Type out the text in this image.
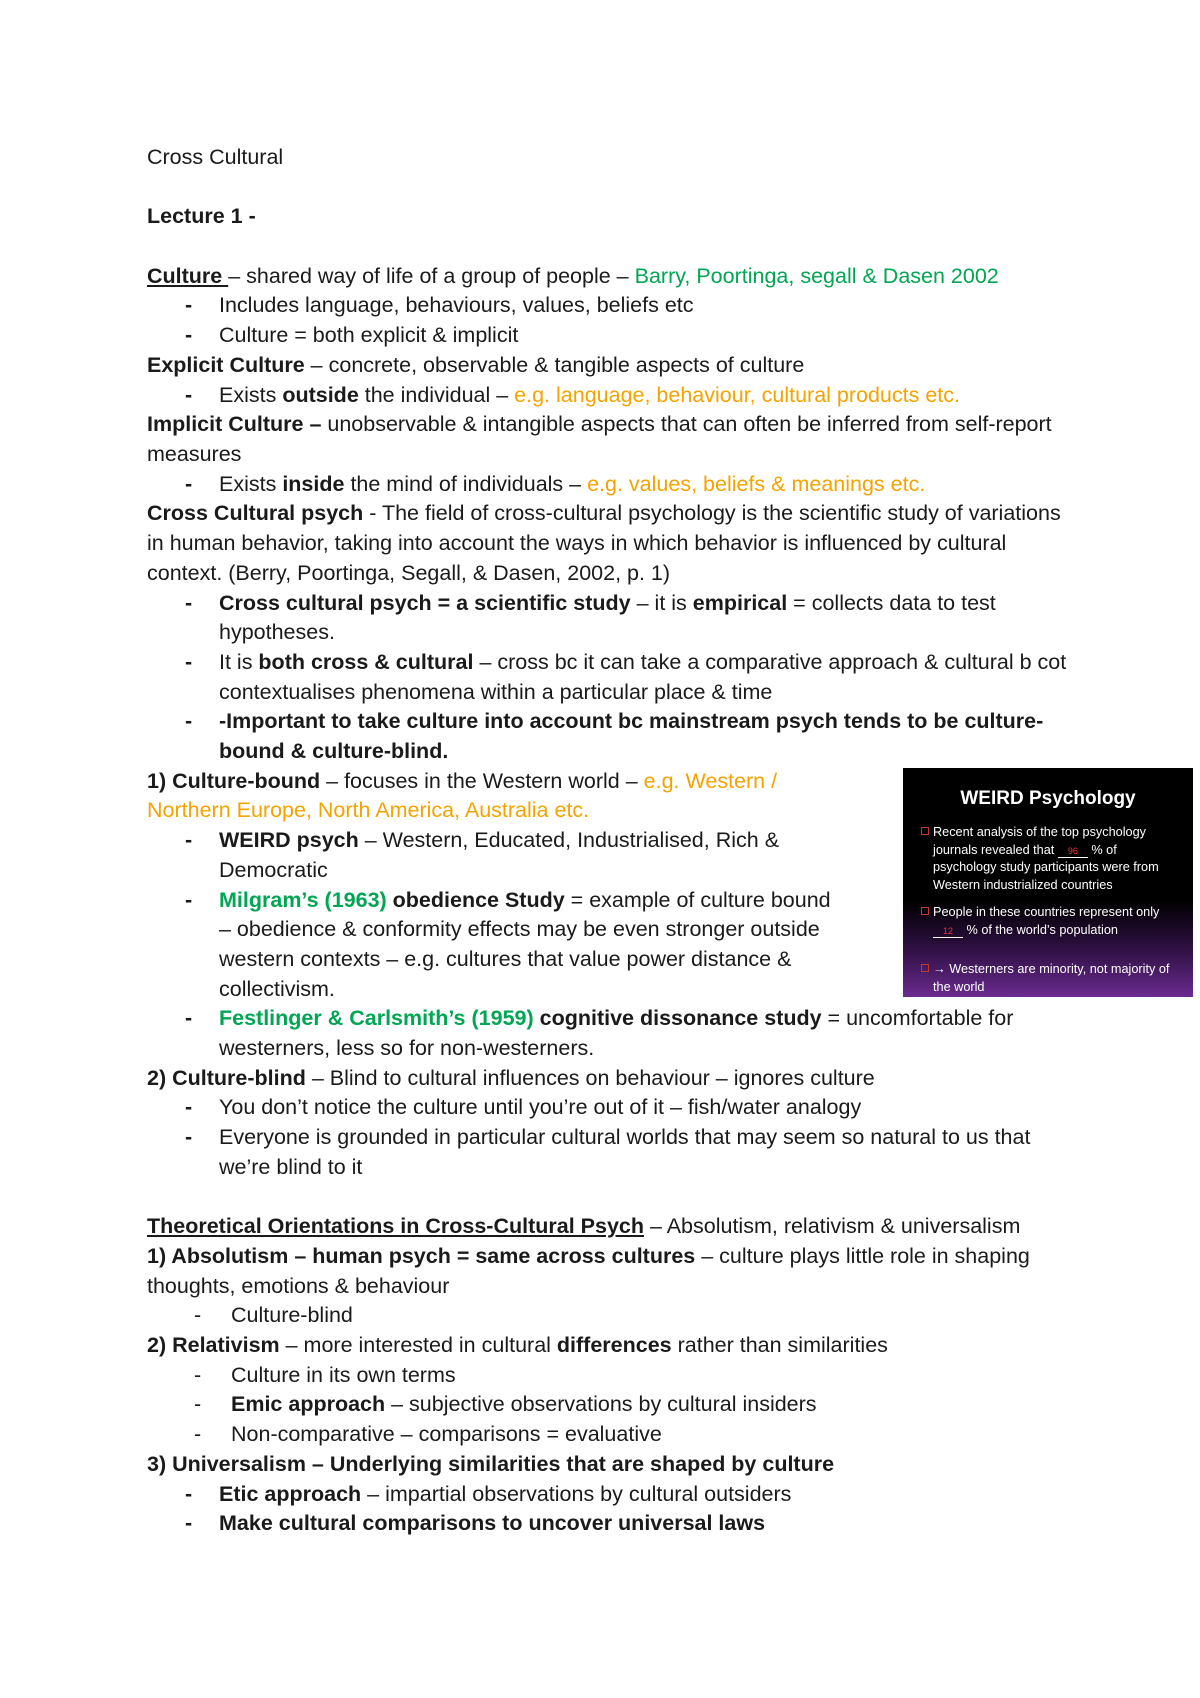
Cross Cultural

Lecture 1 -

Culture – shared way of life of a group of people – Barry, Poortinga, segall & Dasen 2002

- Includes language, behaviours, values, beliefs etc

- Culture = both explicit & implicit

Explicit Culture – concrete, observable & tangible aspects of culture

- Exists outside the individual – e.g. language, behaviour, cultural products etc.

Implicit Culture – unobservable & intangible aspects that can often be inferred from self-report measures

- Exists inside the mind of individuals – e.g. values, beliefs & meanings etc.

Cross Cultural psych - The field of cross-cultural psychology is the scientific study of variations in human behavior, taking into account the ways in which behavior is influenced by cultural context. (Berry, Poortinga, Segall, & Dasen, 2002, p. 1)

- Cross cultural psych = a scientific study – it is empirical = collects data to test hypotheses.

- It is both cross & cultural – cross bc it can take a comparative approach & cultural b cot contextualises phenomena within a particular place & time

- -Important to take culture into account bc mainstream psych tends to be culture-bound & culture-blind.

1) Culture-bound – focuses in the Western world – e.g. Western / Northern Europe, North America, Australia etc.

- WEIRD psych – Western, Educated, Industrialised, Rich & Democratic

- Milgram’s (1963) obedience Study = example of culture bound – obedience & conformity effects may be even stronger outside western contexts – e.g. cultures that value power distance & collectivism.

- Festlinger & Carlsmith’s (1959) cognitive dissonance study = uncomfortable for westerners, less so for non-westerners.

2) Culture-blind – Blind to cultural influences on behaviour – ignores culture

- You don’t notice the culture until you’re out of it – fish/water analogy

- Everyone is grounded in particular cultural worlds that may seem so natural to us that we’re blind to it

Theoretical Orientations in Cross-Cultural Psych – Absolutism, relativism & universalism

1) Absolutism – human psych = same across cultures – culture plays little role in shaping thoughts, emotions & behaviour

- Culture-blind

2) Relativism – more interested in cultural differences rather than similarities

- Culture in its own terms

- Emic approach – subjective observations by cultural insiders

- Non-comparative – comparisons = evaluative

3) Universalism – Underlying similarities that are shaped by culture

- Etic approach – impartial observations by cultural outsiders

- Make cultural comparisons to uncover universal laws

WEIRD Psychology
Recent analysis of the top psychology journals revealed that 96 % of psychology study participants were from Western industrialized countries
People in these countries represent only 12 % of the world’s population
→ Westerners are minority, not majority of the world
